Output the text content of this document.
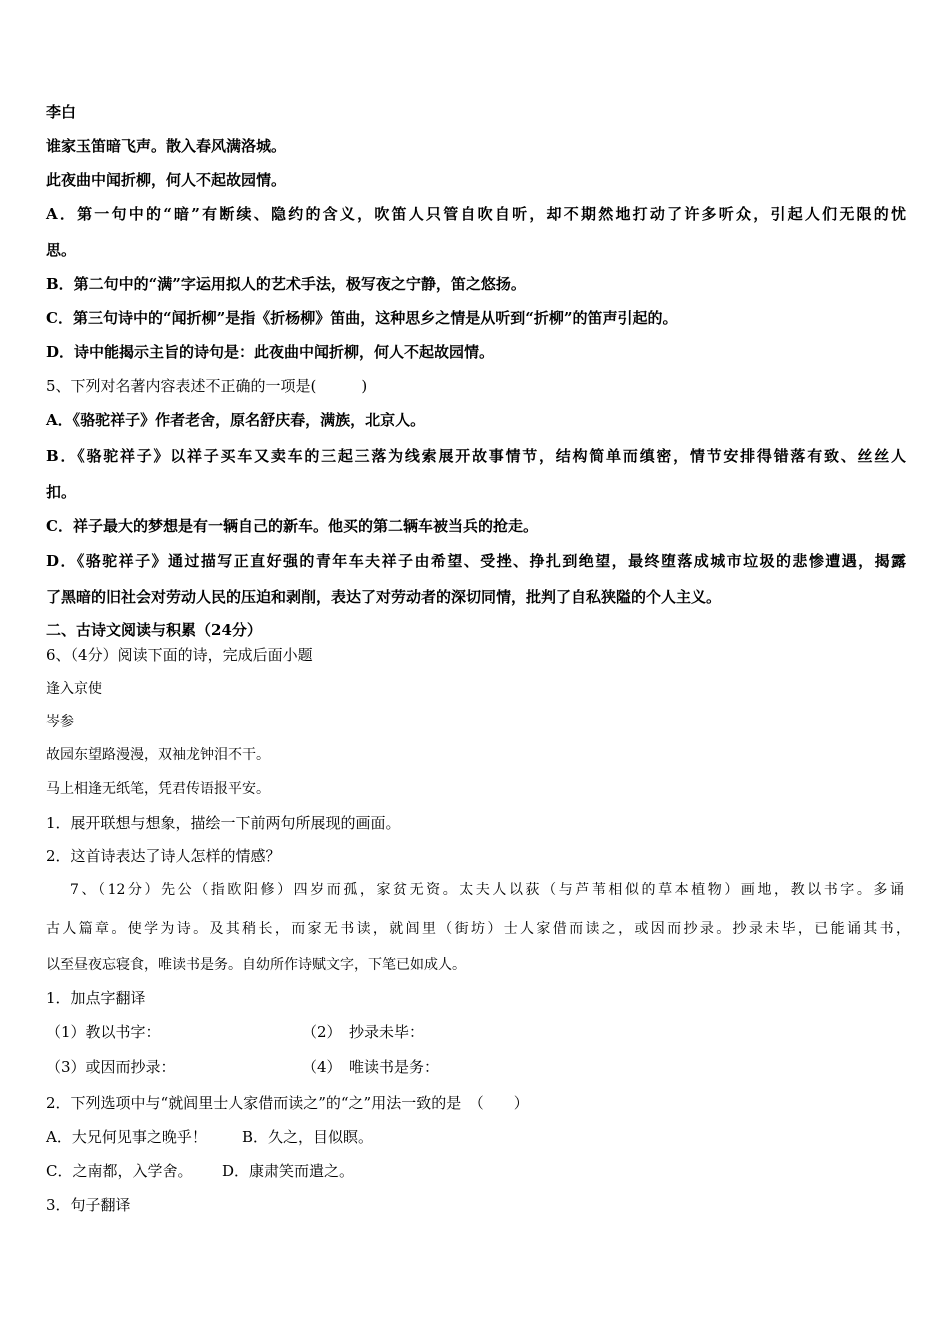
李白

谁家玉笛暗飞声。散入春风满洛城。

此夜曲中闻折柳，何人不起故园情。

A．第一句中的“暗”有断续、隐约的含义，吹笛人只管自吹自听，却不期然地打动了许多听众，引起人们无限的忧

思。

B．第二句中的“满”字运用拟人的艺术手法，极写夜之宁静，笛之悠扬。

C．第三句诗中的“闻折柳”是指《折杨柳》笛曲，这种思乡之情是从听到“折柳”的笛声引起的。

D．诗中能揭示主旨的诗句是：此夜曲中闻折柳，何人不起故园情。

5、下列对名著内容表述不正确的一项是(　　　)

A．《骆驼祥子》作者老舍，原名舒庆春，满族，北京人。

B．《骆驼祥子》以祥子买车又卖车的三起三落为线索展开故事情节，结构简单而缜密，情节安排得错落有致、丝丝人

扣。

C．祥子最大的梦想是有一辆自己的新车。他买的第二辆车被当兵的抢走。

D．《骆驼祥子》通过描写正直好强的青年车夫祥子由希望、受挫、挣扎到绝望，最终堕落成城市垃圾的悲惨遭遇，揭露

了黑暗的旧社会对劳动人民的压迫和剥削，表达了对劳动者的深切同情，批判了自私狭隘的个人主义。

二、古诗文阅读与积累（24分）

6、（4分）阅读下面的诗，完成后面小题

逢入京使

岑参

故园东望路漫漫，双袖龙钟泪不干。

马上相逢无纸笔，凭君传语报平安。

1．展开联想与想象，描绘一下前两句所展现的画面。

2．这首诗表达了诗人怎样的情感？

7、（12分）先公（指欧阳修）四岁而孤，家贫无资。太夫人以荻（与芦苇相似的草本植物）画地，教以书字。多诵

古人篇章。使学为诗。及其稍长，而家无书读，就闾里（街坊）士人家借而读之，或因而抄录。抄录未毕，已能诵其书，

以至昼夜忘寝食，唯读书是务。自幼所作诗赋文字，下笔已如成人。

1．加点字翻译

（1）教以书字：	（2）　抄录未毕：

（3）或因而抄录：	（4）　唯读书是务：

2．下列选项中与“就闾里士人家借而读之”的“之”用法一致的是　（　　）

A．大兄何见事之晚乎！ B．久之，目似瞑。

C．之南都，入学舍。 D．康肃笑而遣之。

3．句子翻译
